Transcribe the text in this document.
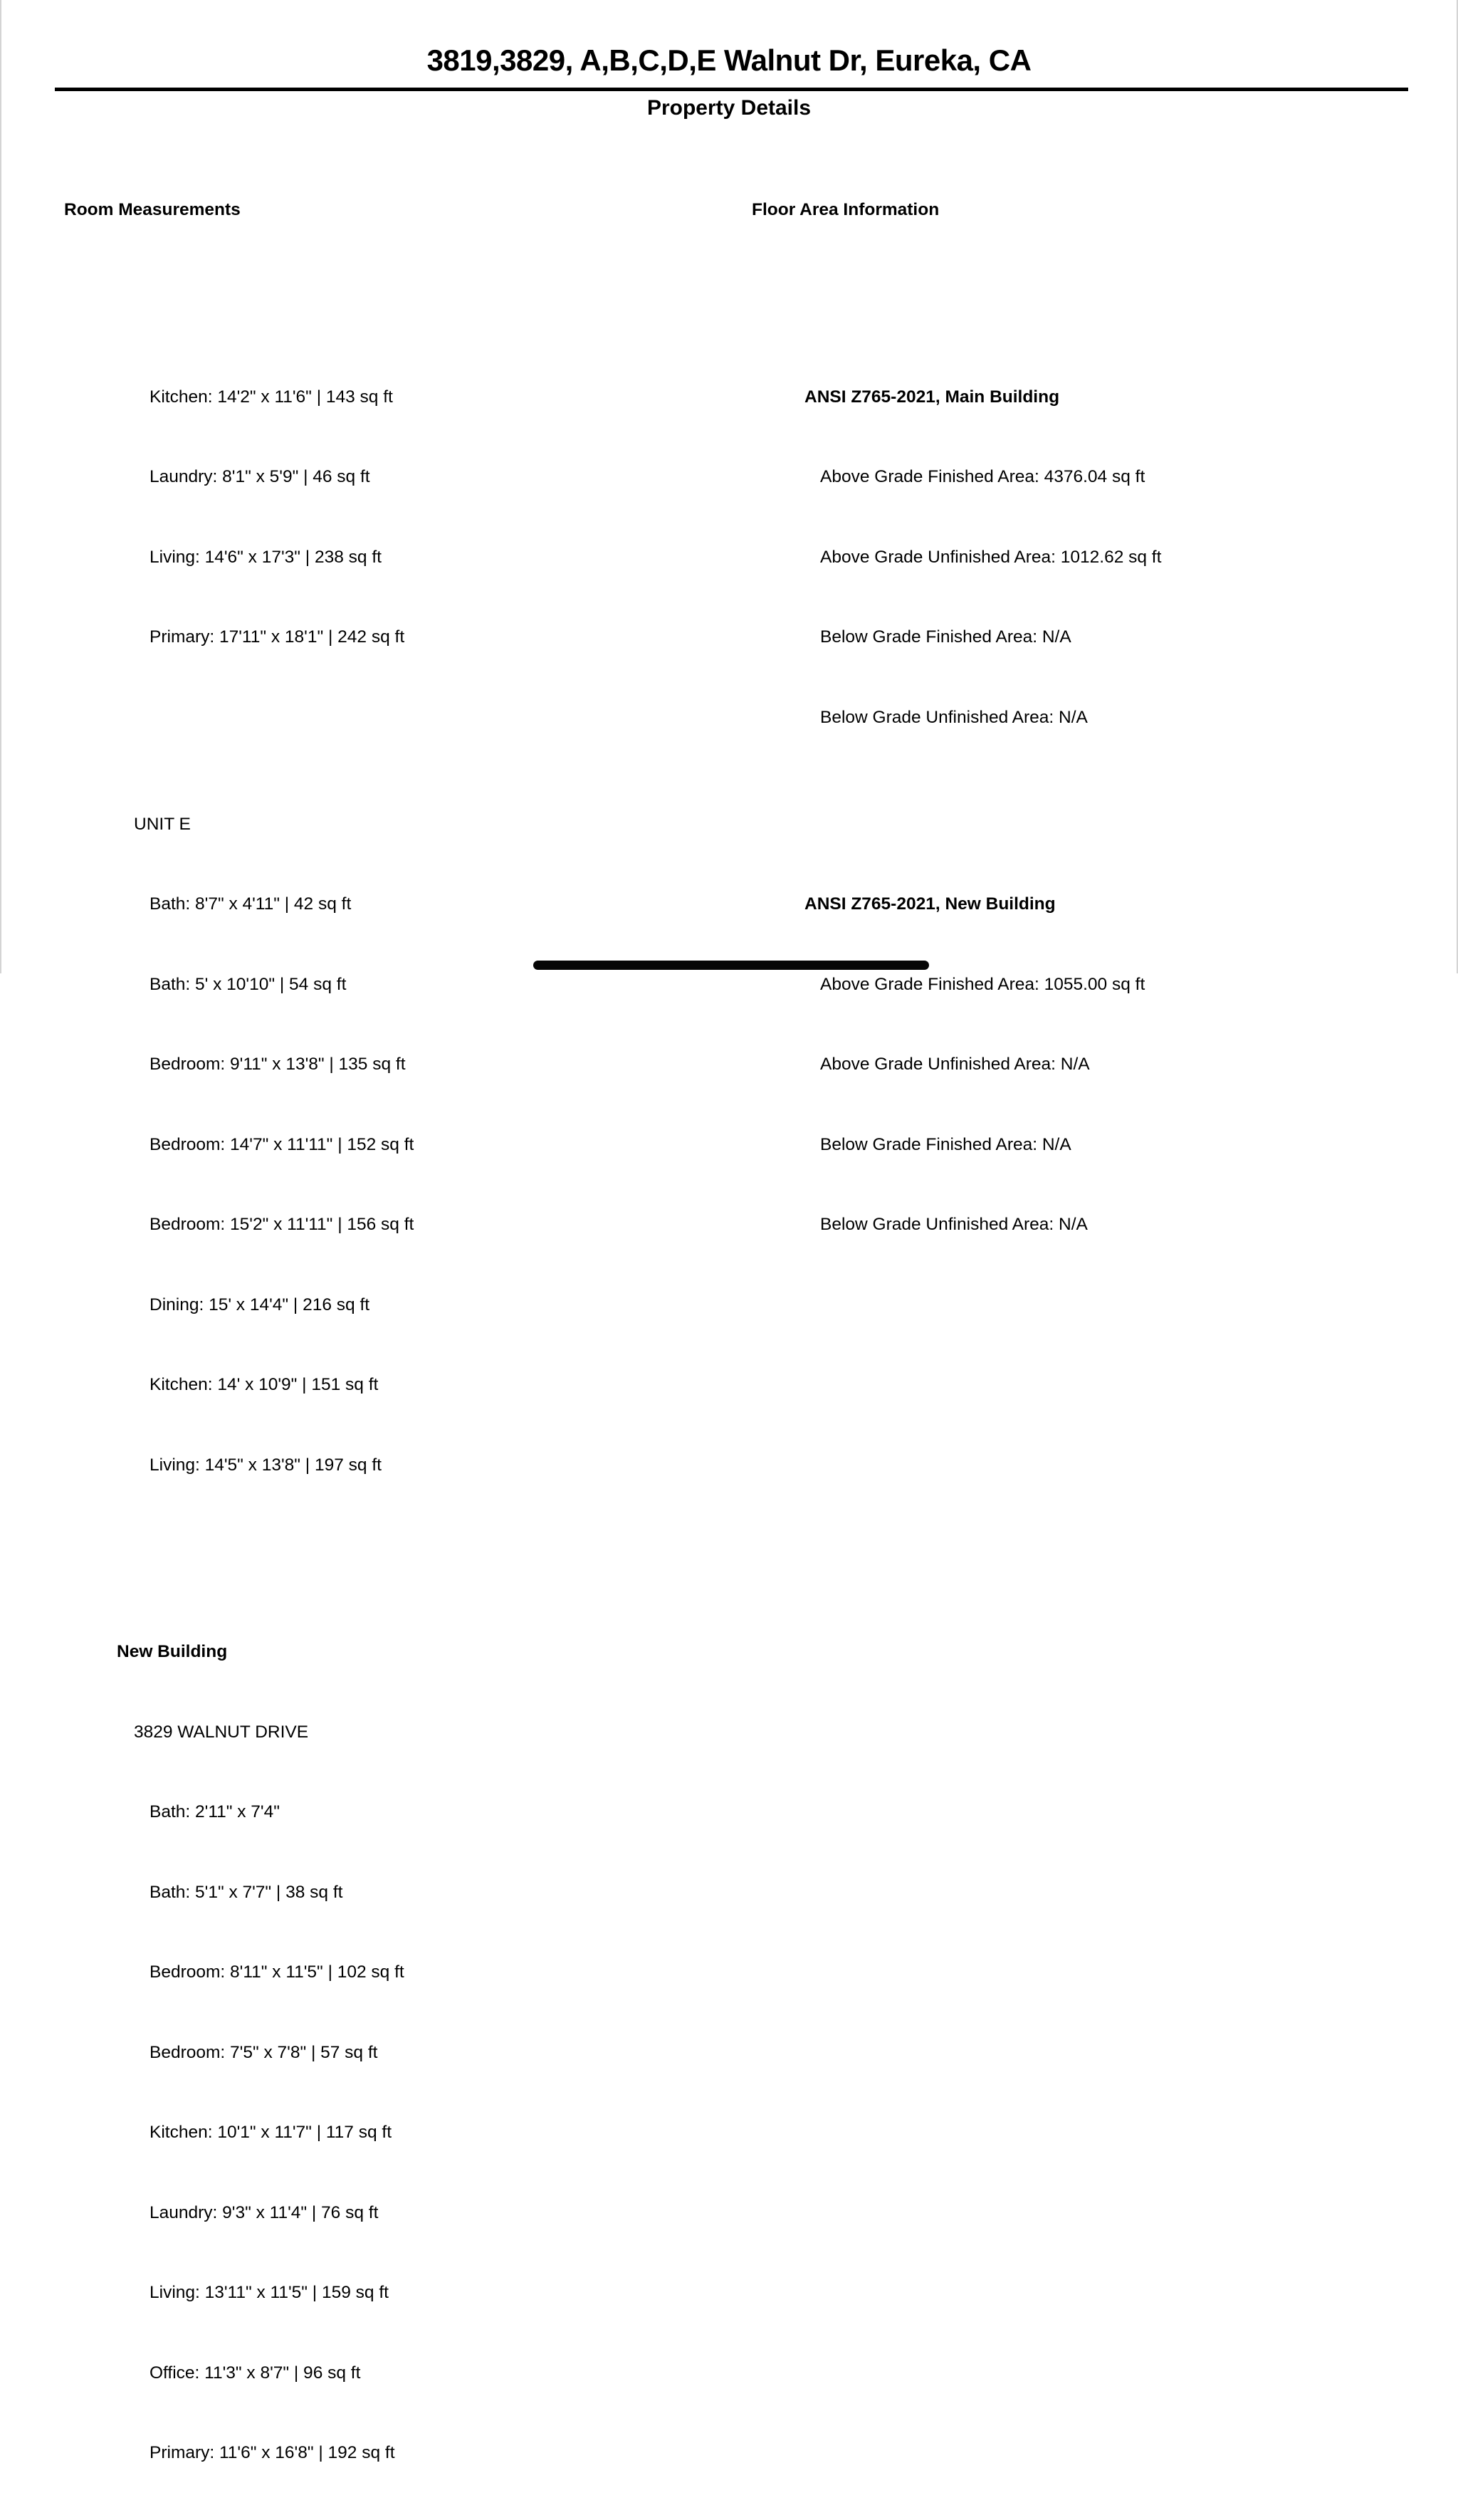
3819,3829, A,B,C,D,E Walnut Dr, Eureka, CA
Property Details

Room Measurements

Kitchen: 14'2" x 11'6" | 143 sq ft

Laundry: 8'1" x 5'9" | 46 sq ft

Living: 14'6" x 17'3" | 238 sq ft

Primary: 17'11" x 18'1" | 242 sq ft

UNIT E

Bath: 8'7" x 4'11" | 42 sq ft

Bath: 5' x 10'10" | 54 sq ft

Bedroom: 9'11" x 13'8" | 135 sq ft

Bedroom: 14'7" x 11'11" | 152 sq ft

Bedroom: 15'2" x 11'11" | 156 sq ft

Dining: 15' x 14'4" | 216 sq ft

Kitchen: 14' x 10'9" | 151 sq ft

Living: 14'5" x 13'8" | 197 sq ft

New Building

3829 WALNUT DRIVE

Bath: 2'11" x 7'4"

Bath: 5'1" x 7'7" | 38 sq ft

Bedroom: 8'11" x 11'5" | 102 sq ft

Bedroom: 7'5" x 7'8" | 57 sq ft

Kitchen: 10'1" x 11'7" | 117 sq ft

Laundry: 9'3" x 11'4" | 76 sq ft

Living: 13'11" x 11'5" | 159 sq ft

Office: 11'3" x 8'7" | 96 sq ft

Primary: 11'6" x 16'8" | 192 sq ft

Floor Area Information

ANSI Z765-2021, Main Building

Above Grade Finished Area: 4376.04 sq ft

Above Grade Unfinished Area: 1012.62 sq ft

Below Grade Finished Area: N/A

Below Grade Unfinished Area: N/A

ANSI Z765-2021, New Building

Above Grade Finished Area: 1055.00 sq ft

Above Grade Unfinished Area: N/A

Below Grade Finished Area: N/A

Below Grade Unfinished Area: N/A
